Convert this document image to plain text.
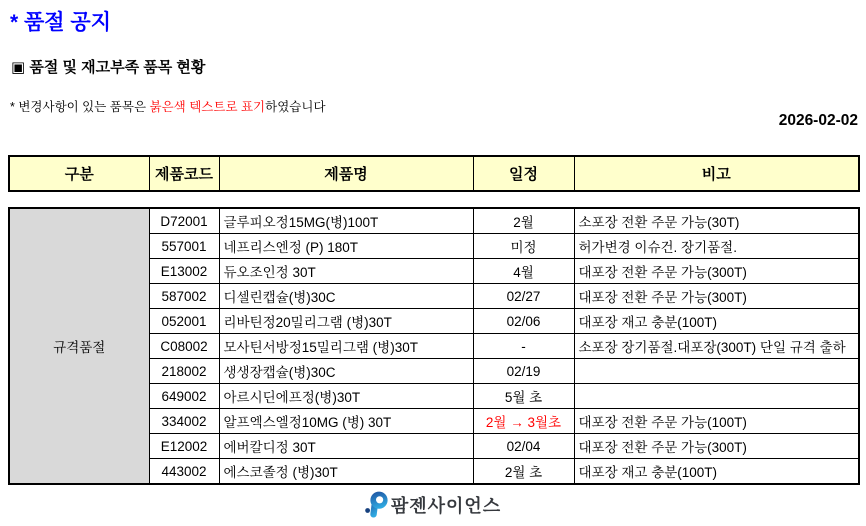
* 품절 공지
▣ 품절 및 재고부족 품목 현황
* 변경사항이 있는 품목은 붉은색 텍스트로 표기하였습니다
2026-02-02
구분	제품코드	제품명	일정	비고
규격품절	D72001	글루피오정15MG(병)100T	2월	소포장 전환 주문 가능(30T)
	557001	네프리스엔정 (P) 180T	미정	허가변경 이슈건. 장기품절.
	E13002	듀오조인정 30T	4월	대포장 전환 주문 가능(300T)
	587002	디셀린캡슐(병)30C	02/27	대포장 전환 주문 가능(300T)
	052001	리바틴정20밀리그램 (병)30T	02/06	대포장 재고 충분(100T)
	C08002	모사틴서방정15밀리그램 (병)30T	-	소포장 장기품절.대포장(300T) 단일 규격 출하
	218002	생생장캡슐(병)30C	02/19	
	649002	아르시딘에프정(병)30T	5월 초	
	334002	알프엑스엘정10MG (병) 30T	2월 → 3월초	대포장 전환 주문 가능(100T)
	E12002	에버칼디정 30T	02/04	대포장 전환 주문 가능(300T)
	443002	에스코졸정 (병)30T	2월 초	대포장 재고 충분(100T)
팜젠사이언스
